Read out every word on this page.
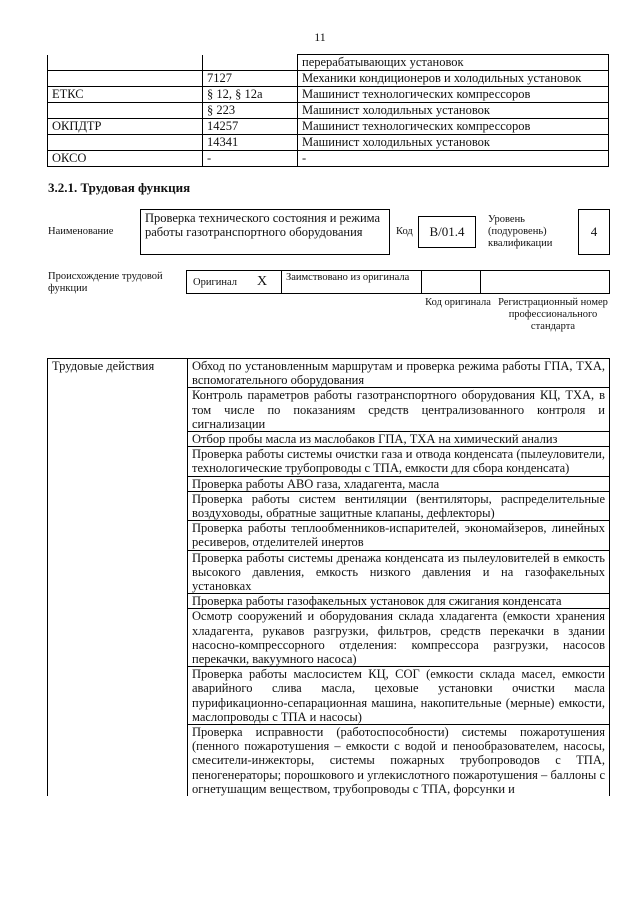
11
		перерабатывающих установок
	7127	Механики кондиционеров и холодильных установок
ЕТКС	§ 12, § 12а	Машинист технологических компрессоров
	§ 223	Машинист холодильных установок
ОКПДТР	14257	Машинист технологических компрессоров
	14341	Машинист холодильных установок
ОКСО	-	-
3.2.1. Трудовая функция
Наименование
Проверка технического состояния и режима работы газотранспортного оборудования	Код	В/01.4
Уровень (подуровень) квалификации
4
Происхождение трудовой функции
Оригинал X	Заимствовано из оригинала
Код оригинала Регистрационный номер профессионального стандарта
Трудовые действия	Обход по установленным маршрутам и проверка режима работы ГПА, ТХА, вспомогательного оборудования
	Контроль параметров работы газотранспортного оборудования КЦ, ТХА, в том числе по показаниям средств централизованного контроля и сигнализации
	Отбор пробы масла из маслобаков ГПА, ТХА на химический анализ
	Проверка работы системы очистки газа и отвода конденсата (пылеуловители, технологические трубопроводы с ТПА, емкости для сбора конденсата)
	Проверка работы АВО газа, хладагента, масла
	Проверка работы систем вентиляции (вентиляторы, распределительные воздуховоды, обратные защитные клапаны, дефлекторы)
	Проверка работы теплообменников-испарителей, экономайзеров, линейных ресиверов, отделителей инертов
	Проверка работы системы дренажа конденсата из пылеуловителей в емкость высокого давления, емкость низкого давления и на газофакельных установках
	Проверка работы газофакельных установок для сжигания конденсата
	Осмотр сооружений и оборудования склада хладагента (емкости хранения хладагента, рукавов разгрузки, фильтров, средств перекачки в здании насосно-компрессорного отделения: компрессора разгрузки, насосов перекачки, вакуумного насоса)
	Проверка работы маслосистем КЦ, СОГ (емкости склада масел, емкости аварийного слива масла, цеховые установки очистки масла пурификационно-сепарационная машина, накопительные (мерные) емкости, маслопроводы с ТПА и насосы)
	Проверка исправности (работоспособности) системы пожаротушения (пенного пожаротушения – емкости с водой и пенообразователем, насосы, смесители-инжекторы, системы пожарных трубопроводов с ТПА, пеногенераторы; порошкового и углекислотного пожаротушения – баллоны с огнетушащим веществом, трубопроводы с ТПА, форсунки и
